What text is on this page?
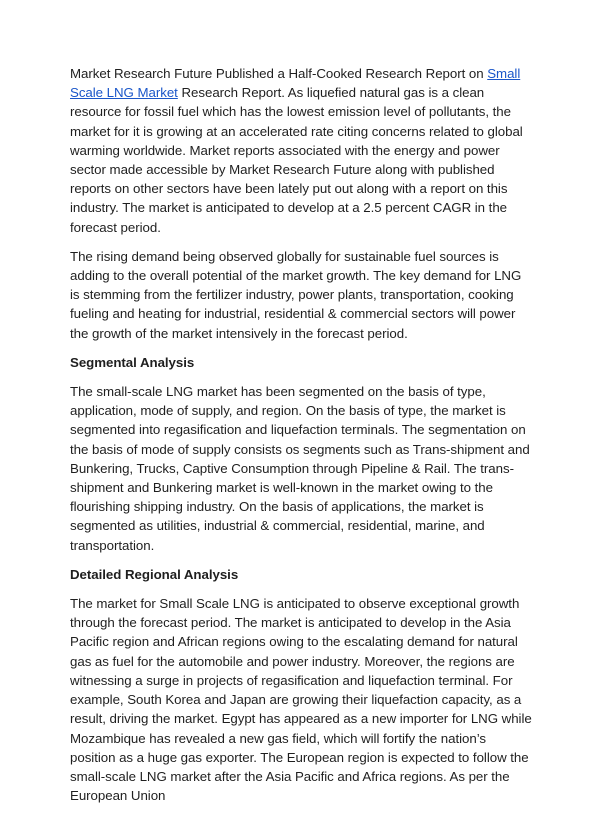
Market Research Future Published a Half-Cooked Research Report on Small Scale LNG Market Research Report. As liquefied natural gas is a clean resource for fossil fuel which has the lowest emission level of pollutants, the market for it is growing at an accelerated rate citing concerns related to global warming worldwide. Market reports associated with the energy and power sector made accessible by Market Research Future along with published reports on other sectors have been lately put out along with a report on this industry. The market is anticipated to develop at a 2.5 percent CAGR in the forecast period.

The rising demand being observed globally for sustainable fuel sources is adding to the overall potential of the market growth. The key demand for LNG is stemming from the fertilizer industry, power plants, transportation, cooking fueling and heating for industrial, residential & commercial sectors will power the growth of the market intensively in the forecast period.

Segmental Analysis

The small-scale LNG market has been segmented on the basis of type, application, mode of supply, and region. On the basis of type, the market is segmented into regasification and liquefaction terminals. The segmentation on the basis of mode of supply consists os segments such as Trans-shipment and Bunkering, Trucks, Captive Consumption through Pipeline & Rail. The trans-shipment and Bunkering market is well-known in the market owing to the flourishing shipping industry. On the basis of applications, the market is segmented as utilities, industrial & commercial, residential, marine, and transportation.

Detailed Regional Analysis

The market for Small Scale LNG is anticipated to observe exceptional growth through the forecast period. The market is anticipated to develop in the Asia Pacific region and African regions owing to the escalating demand for natural gas as fuel for the automobile and power industry. Moreover, the regions are witnessing a surge in projects of regasification and liquefaction terminal. For example, South Korea and Japan are growing their liquefaction capacity, as a result, driving the market. Egypt has appeared as a new importer for LNG while Mozambique has revealed a new gas field, which will fortify the nation’s position as a huge gas exporter. The European region is expected to follow the small-scale LNG market after the Asia Pacific and Africa regions. As per the European Union
